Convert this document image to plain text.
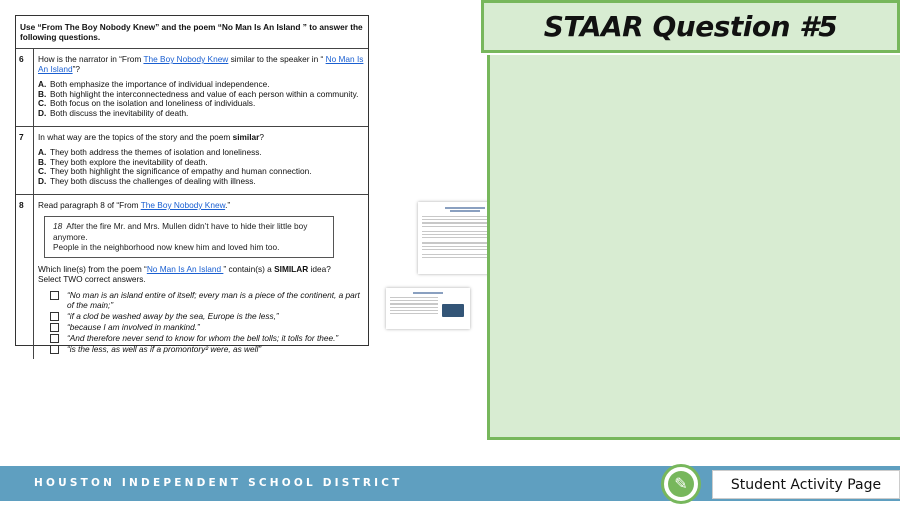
Use “From The Boy Nobody Knew” and the poem “No Man Is An Island ” to answer the following questions.
6	How is the narrator in “From The Boy Nobody Knew similar to the speaker in “ No Man Is An Island”?
A. Both emphasize the importance of individual independence.
B. Both highlight the interconnectedness and value of each person within a community.
C. Both focus on the isolation and loneliness of individuals.
D. Both discuss the inevitability of death.
7	In what way are the topics of the story and the poem similar?
A. They both address the themes of isolation and loneliness.
B. They both explore the inevitability of death.
C. They both highlight the significance of empathy and human connection.
D. They both discuss the challenges of dealing with illness.
8	Read paragraph 8 of “From The Boy Nobody Knew.”
18 After the fire Mr. and Mrs. Mullen didn’t have to hide their little boy anymore.
People in the neighborhood now knew him and loved him too.
Which line(s) from the poem “No Man Is An Island ” contain(s) a SIMILAR idea?
Select TWO correct answers.
“No man is an island entire of itself; every man is a piece of the continent, a part of the main;”
“if a clod be washed away by the sea, Europe is the less,”
“because I am involved in mankind.”
“And therefore never send to know for whom the bell tolls; it tolls for thee.”
“is the less, as well as if a promontory² were, as well”
STAAR Question #5
HOUSTON INDEPENDENT SCHOOL DISTRICT	✎	Student Activity Page
